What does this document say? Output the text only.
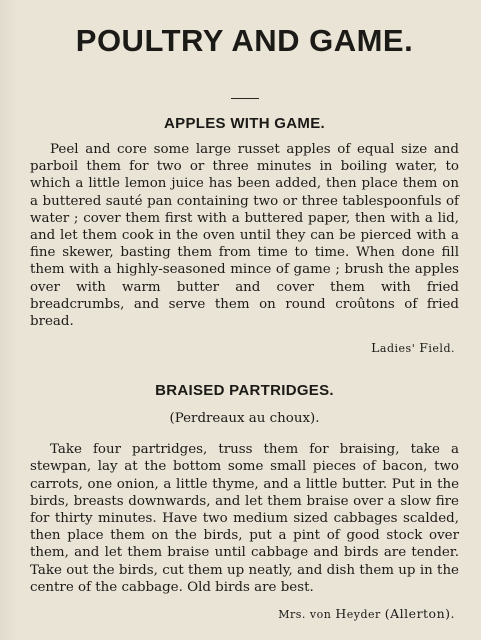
POULTRY AND GAME.
APPLES WITH GAME.

Peel and core some large russet apples of equal size and parboil them for two or three minutes in boiling water, to which a little lemon juice has been added, then place them on a buttered sauté pan containing two or three tablespoonfuls of water ; cover them first with a buttered paper, then with a lid, and let them cook in the oven until they can be pierced with a fine skewer, basting them from time to time. When done fill them with a highly-seasoned mince of game ; brush the apples over with warm butter and cover them with fried breadcrumbs, and serve them on round croûtons of fried bread.

Ladies' Field.

BRAISED PARTRIDGES.

(Perdreaux au choux).

Take four partridges, truss them for braising, take a stewpan, lay at the bottom some small pieces of bacon, two carrots, one onion, a little thyme, and a little butter. Put in the birds, breasts downwards, and let them braise over a slow fire for thirty minutes. Have two medium sized cabbages scalded, then place them on the birds, put a pint of good stock over them, and let them braise until cabbage and birds are tender. Take out the birds, cut them up neatly, and dish them up in the centre of the cabbage. Old birds are best.

Mrs. von Heyder (Allerton).
